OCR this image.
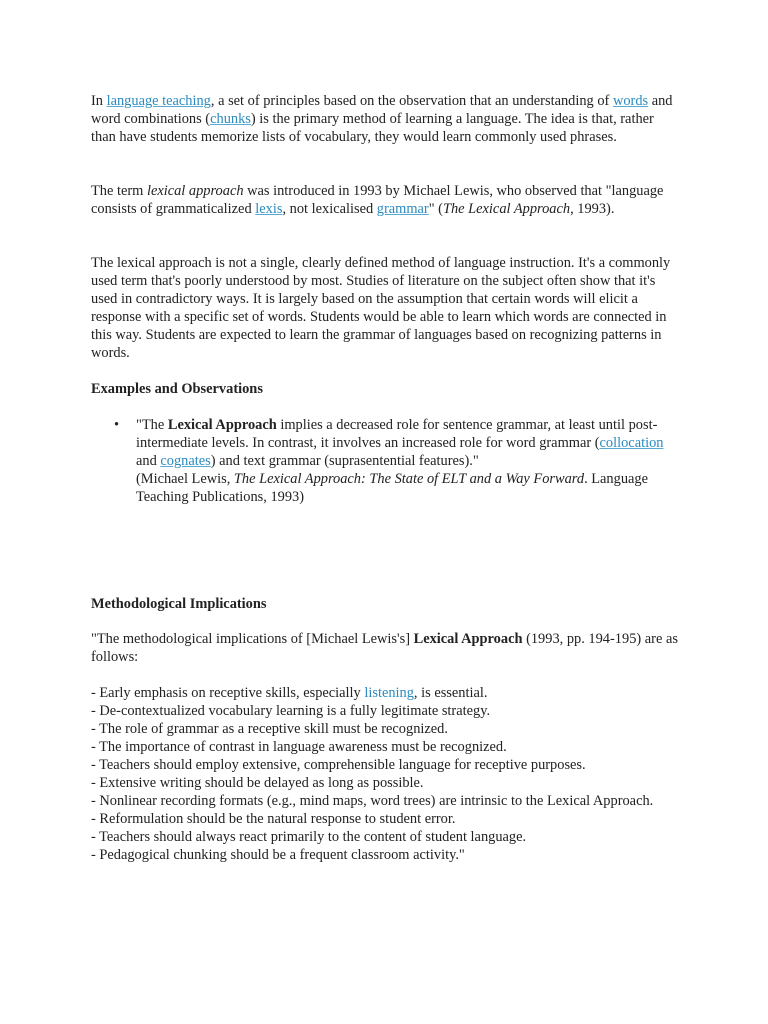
In language teaching, a set of principles based on the observation that an understanding of words and word combinations (chunks) is the primary method of learning a language. The idea is that, rather than have students memorize lists of vocabulary, they would learn commonly used phrases.

The term lexical approach was introduced in 1993 by Michael Lewis, who observed that "language consists of grammaticalized lexis, not lexicalised grammar" (The Lexical Approach, 1993).

The lexical approach is not a single, clearly defined method of language instruction. It's a commonly used term that's poorly understood by most. Studies of literature on the subject often show that it's used in contradictory ways. It is largely based on the assumption that certain words will elicit a response with a specific set of words. Students would be able to learn which words are connected in this way. Students are expected to learn the grammar of languages based on recognizing patterns in words.

Examples and Observations

• "The Lexical Approach implies a decreased role for sentence grammar, at least until post-intermediate levels. In contrast, it involves an increased role for word grammar (collocation and cognates) and text grammar (suprasentential features)."
(Michael Lewis, The Lexical Approach: The State of ELT and a Way Forward. Language Teaching Publications, 1993)

Methodological Implications

"The methodological implications of [Michael Lewis's] Lexical Approach (1993, pp. 194-195) are as follows:

- Early emphasis on receptive skills, especially listening, is essential.
- De-contextualized vocabulary learning is a fully legitimate strategy.
- The role of grammar as a receptive skill must be recognized.
- The importance of contrast in language awareness must be recognized.
- Teachers should employ extensive, comprehensible language for receptive purposes.
- Extensive writing should be delayed as long as possible.
- Nonlinear recording formats (e.g., mind maps, word trees) are intrinsic to the Lexical Approach.
- Reformulation should be the natural response to student error.
- Teachers should always react primarily to the content of student language.
- Pedagogical chunking should be a frequent classroom activity."
